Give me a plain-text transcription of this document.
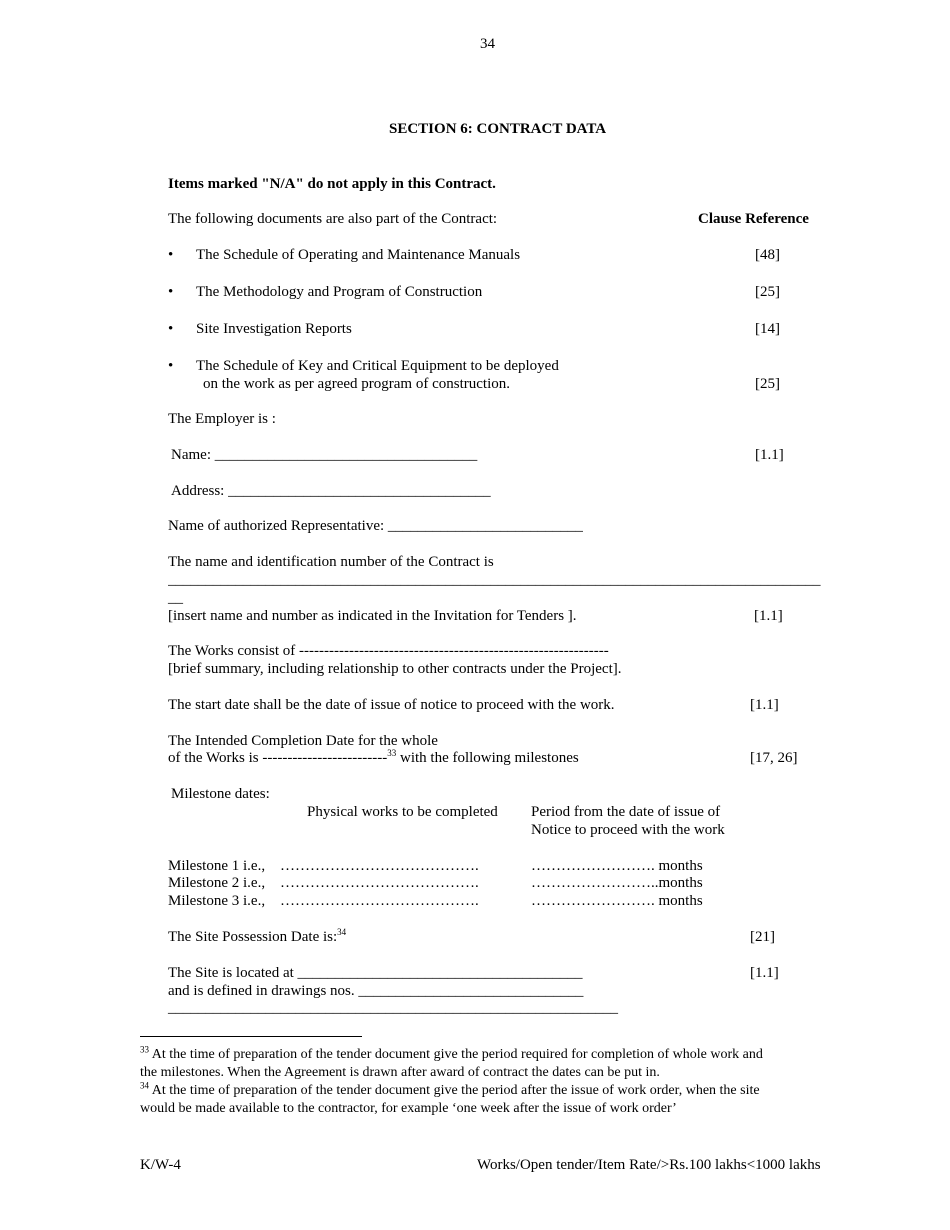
34
SECTION 6: CONTRACT DATA
Items marked "N/A" do not apply in this Contract.
The following documents are also part of the Contract:	Clause Reference
• The Schedule of Operating and Maintenance Manuals	[48]
• The Methodology and Program of Construction	[25]
• Site Investigation Reports	[14]
• The Schedule of Key and Critical Equipment to be deployed
on the work as per agreed program of construction.	[25]
The Employer is :
Name: ___________________________________	[1.1]
Address: ___________________________________
Name of authorized Representative: __________________________
The name and identification number of the Contract is
_______________________________________________________________________________________
__
[insert name and number as indicated in the Invitation for Tenders ].	[1.1]
The Works consist of --------------------------------------------------------------
[brief summary, including relationship to other contracts under the Project].
The start date shall be the date of issue of notice to proceed with the work.	[1.1]
The Intended Completion Date for the whole
of the Works is -------------------------$^{33}$ with the following milestones	[17, 26]
Milestone dates:
Physical works to be completed Period from the date of issue of
Notice to proceed with the work
Milestone 1 i.e., ………………………………….	……………………. months
Milestone 2 i.e., ………………………………….	……………………..months
Milestone 3 i.e., ………………………………….	……………………. months
The Site Possession Date is:$^{34}$	[21]
The Site is located at ______________________________________	[1.1]
and is defined in drawings nos. ______________________________
____________________________________________________________
$^{33}$ At the time of preparation of the tender document give the period required for completion of whole work and
the milestones. When the Agreement is drawn after award of contract the dates can be put in.
$^{34}$ At the time of preparation of the tender document give the period after the issue of work order, when the site
would be made available to the contractor, for example ‘one week after the issue of work order’
K/W-4	Works/Open tender/Item Rate/>Rs.100 lakhs<1000 lakhs
